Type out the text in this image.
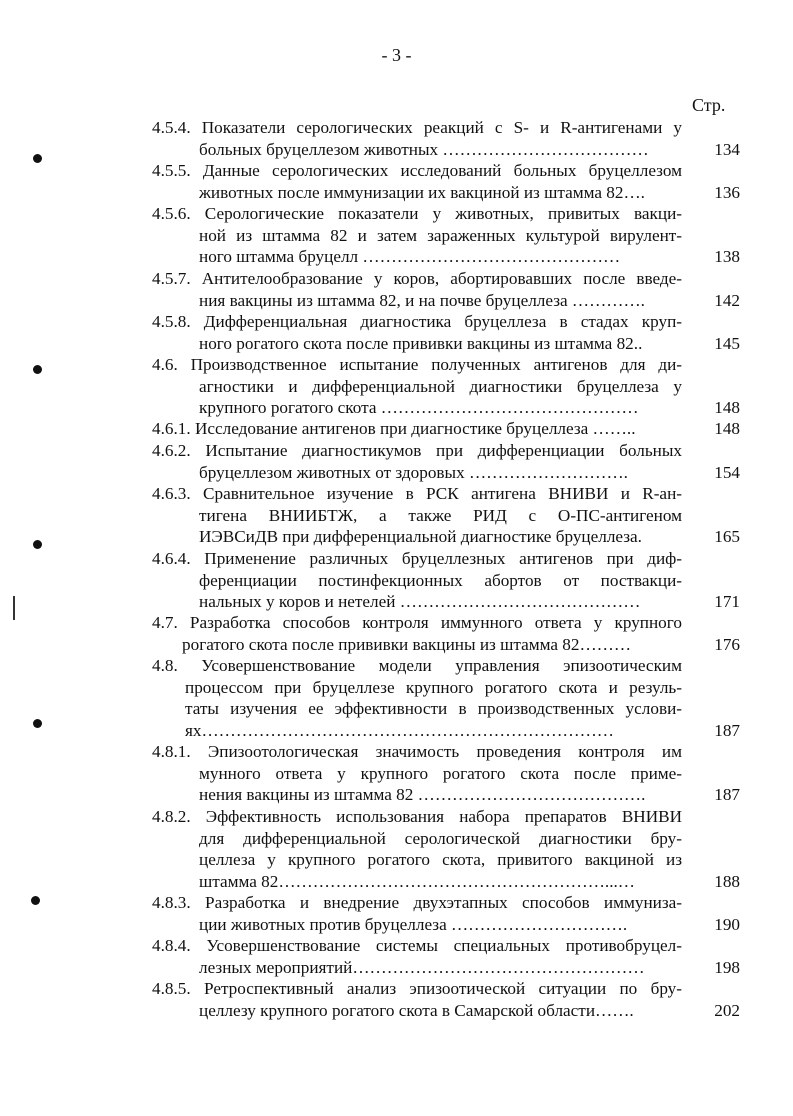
- 3 -
Стр.
4.5.4. Показатели серологических реакций с S- и R-антигенами у
больных бруцеллезом животных ………………………………	134
4.5.5. Данные серологических исследований больных бруцеллезом
животных после иммунизации их вакциной из штамма 82….	136
4.5.6. Серологические показатели у животных, привитых вакци-
ной из штамма 82 и затем зараженных культурой вирулент-
ного штамма бруцелл ………………………………………	138
4.5.7. Антителообразование у коров, абортировавших после введе-
ния вакцины из штамма 82, и на почве бруцеллеза ………….	142
4.5.8. Дифференциальная диагностика бруцеллеза в стадах круп-
ного рогатого скота после прививки вакцины из штамма 82..	145
4.6. Производственное испытание полученных антигенов для ди-
агностики и дифференциальной диагностики бруцеллеза у
крупного рогатого скота ………………………………………	148
4.6.1. Исследование антигенов при диагностике бруцеллеза ……..	148
4.6.2. Испытание диагностикумов при дифференциации больных
бруцеллезом животных от здоровых ……………………….	154
4.6.3. Сравнительное изучение в РСК антигена ВНИВИ и R-ан-
тигена ВНИИБТЖ, а также РИД с О-ПС-антигеном
ИЭВСиДВ при дифференциальной диагностике бруцеллеза.	165
4.6.4. Применение различных бруцеллезных антигенов при диф-
ференциации постинфекционных абортов от поствакци-
нальных у коров и нетелей ……………………………………	171
4.7. Разработка способов контроля иммунного ответа у крупного
рогатого скота после прививки вакцины из штамма 82………	176
4.8. Усовершенствование модели управления эпизоотическим
процессом при бруцеллезе крупного рогатого скота и резуль-
таты изучения ее эффективности в производственных услови-
ях………………………………………………………………	187
4.8.1. Эпизоотологическая значимость проведения контроля им
мунного ответа у крупного рогатого скота после приме-
нения вакцины из штамма 82 ………………………………….	187
4.8.2. Эффективность использования набора препаратов ВНИВИ
для дифференциальной серологической диагностики бру-
целлеза у крупного рогатого скота, привитого вакциной из
штамма 82…………………………………………………...…	188
4.8.3. Разработка и внедрение двухэтапных способов иммуниза-
ции животных против бруцеллеза ………………………….	190
4.8.4. Усовершенствование системы специальных противобруцел-
лезных мероприятий……………………………………………	198
4.8.5. Ретроспективный анализ эпизоотической ситуации по бру-
целлезу крупного рогатого скота в Самарской области…….	202
